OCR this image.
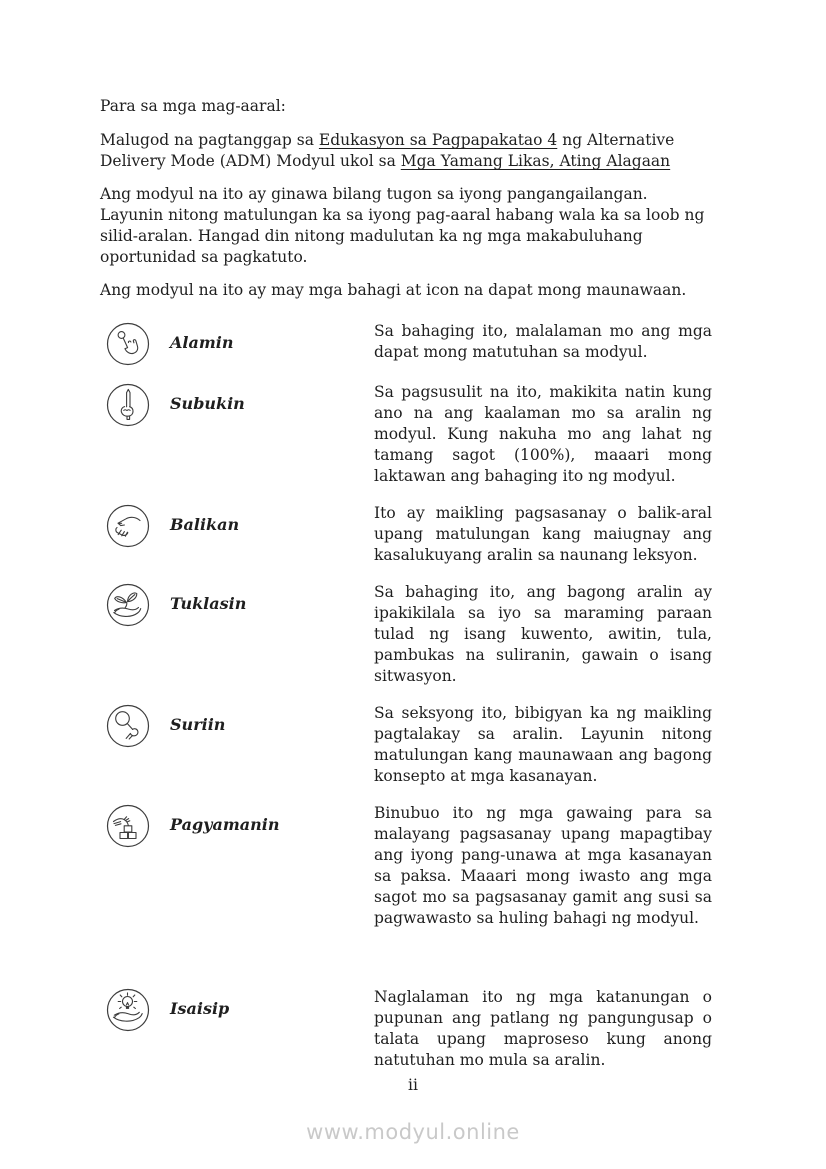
Para sa mga mag-aaral:

Malugod na pagtanggap sa Edukasyon sa Pagpapakatao 4 ng Alternative Delivery Mode (ADM) Modyul ukol sa Mga Yamang Likas, Ating Alagaan

Ang modyul na ito ay ginawa bilang tugon sa iyong pangangailangan. Layunin nitong matulungan ka sa iyong pag-aaral habang wala ka sa loob ng silid-aralan. Hangad din nitong madulutan ka ng mga makabuluhang oportunidad sa pagkatuto.

Ang modyul na ito ay may mga bahagi at icon na dapat mong maunawaan.

Alamin
Sa bahaging ito, malalaman mo ang mga dapat mong matutuhan sa modyul.
Subukin
Sa pagsusulit na ito, makikita natin kung ano na ang kaalaman mo sa aralin ng modyul. Kung nakuha mo ang lahat ng tamang sagot (100%), maaari mong laktawan ang bahaging ito ng modyul.
Balikan
Ito ay maikling pagsasanay o balik-aral upang matulungan kang maiugnay ang kasalukuyang aralin sa naunang leksyon.
Tuklasin
Sa bahaging ito, ang bagong aralin ay ipakikilala sa iyo sa maraming paraan tulad ng isang kuwento, awitin, tula, pambukas na suliranin, gawain o isang sitwasyon.
Suriin
Sa seksyong ito, bibigyan ka ng maikling pagtalakay sa aralin. Layunin nitong matulungan kang maunawaan ang bagong konsepto at mga kasanayan.
Pagyamanin
Binubuo ito ng mga gawaing para sa malayang pagsasanay upang mapagtibay ang iyong pang-unawa at mga kasanayan sa paksa. Maaari mong iwasto ang mga sagot mo sa pagsasanay gamit ang susi sa pagwawasto sa huling bahagi ng modyul.
Isaisip
Naglalaman ito ng mga katanungan o pupunan ang patlang ng pangungusap o talata upang maproseso kung anong natutuhan mo mula sa aralin.
ii
www.modyul.online
